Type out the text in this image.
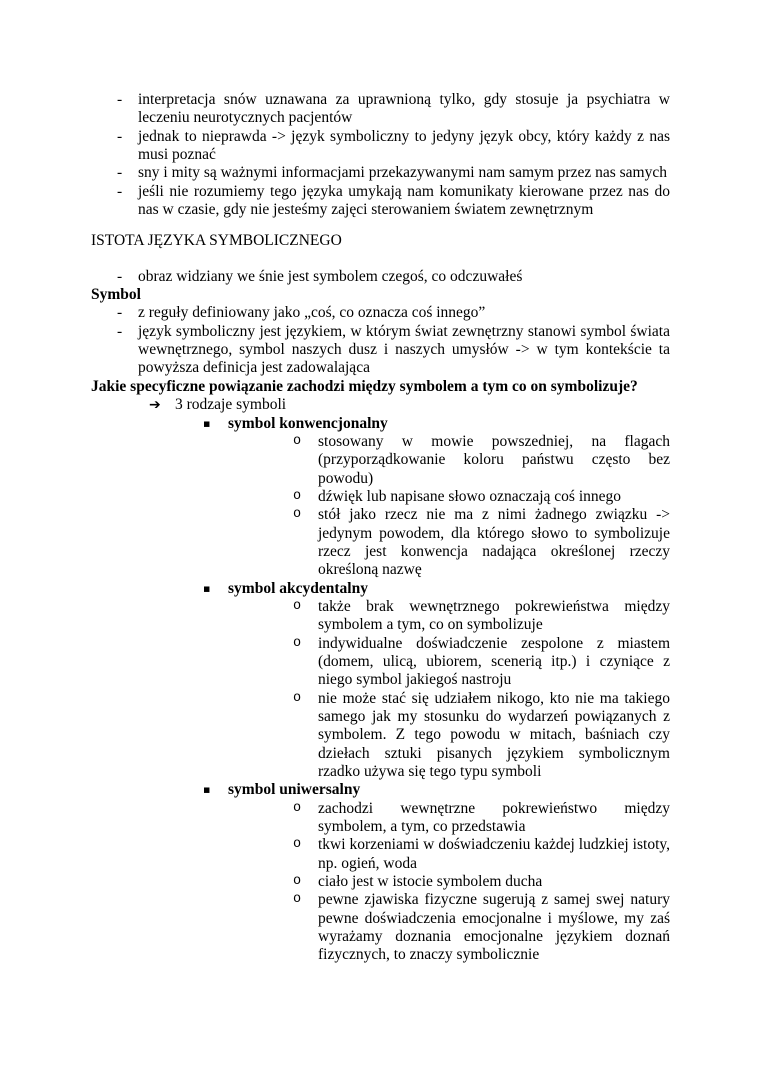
- interpretacja snów uznawana za uprawnioną tylko, gdy stosuje ja psychiatra w leczeniu neurotycznych pacjentów
- jednak to nieprawda -> język symboliczny to jedyny język obcy, który każdy z nas musi poznać
- sny i mity są ważnymi informacjami przekazywanymi nam samym przez nas samych
- jeśli nie rozumiemy tego języka umykają nam komunikaty kierowane przez nas do nas w czasie, gdy nie jesteśmy zajęci sterowaniem światem zewnętrznym
ISTOTA JĘZYKA SYMBOLICZNEGO
- obraz widziany we śnie jest symbolem czegoś, co odczuwałeś
Symbol
- z reguły definiowany jako „coś, co oznacza coś innego”
- język symboliczny jest językiem, w którym świat zewnętrzny stanowi symbol świata wewnętrznego, symbol naszych dusz i naszych umysłów -> w tym kontekście ta powyższa definicja jest zadowalająca
Jakie specyficzne powiązanie zachodzi między symbolem a tym co on symbolizuje?
➔ 3 rodzaje symboli
▪ symbol konwencjonalny
o stosowany w mowie powszedniej, na flagach (przyporządkowanie koloru państwu często bez powodu)
o dźwięk lub napisane słowo oznaczają coś innego
o stół jako rzecz nie ma z nimi żadnego związku -> jedynym powodem, dla którego słowo to symbolizuje rzecz jest konwencja nadająca określonej rzeczy określoną nazwę
▪ symbol akcydentalny
o także brak wewnętrznego pokrewieństwa między symbolem a tym, co on symbolizuje
o indywidualne doświadczenie zespolone z miastem (domem, ulicą, ubiorem, scenerią itp.) i czyniące z niego symbol jakiegoś nastroju
o nie może stać się udziałem nikogo, kto nie ma takiego samego jak my stosunku do wydarzeń powiązanych z symbolem. Z tego powodu w mitach, baśniach czy dziełach sztuki pisanych językiem symbolicznym rzadko używa się tego typu symboli
▪ symbol uniwersalny
o zachodzi wewnętrzne pokrewieństwo między symbolem, a tym, co przedstawia
o tkwi korzeniami w doświadczeniu każdej ludzkiej istoty, np. ogień, woda
o ciało jest w istocie symbolem ducha
o pewne zjawiska fizyczne sugerują z samej swej natury pewne doświadczenia emocjonalne i myślowe, my zaś wyrażamy doznania emocjonalne językiem doznań fizycznych, to znaczy symbolicznie
